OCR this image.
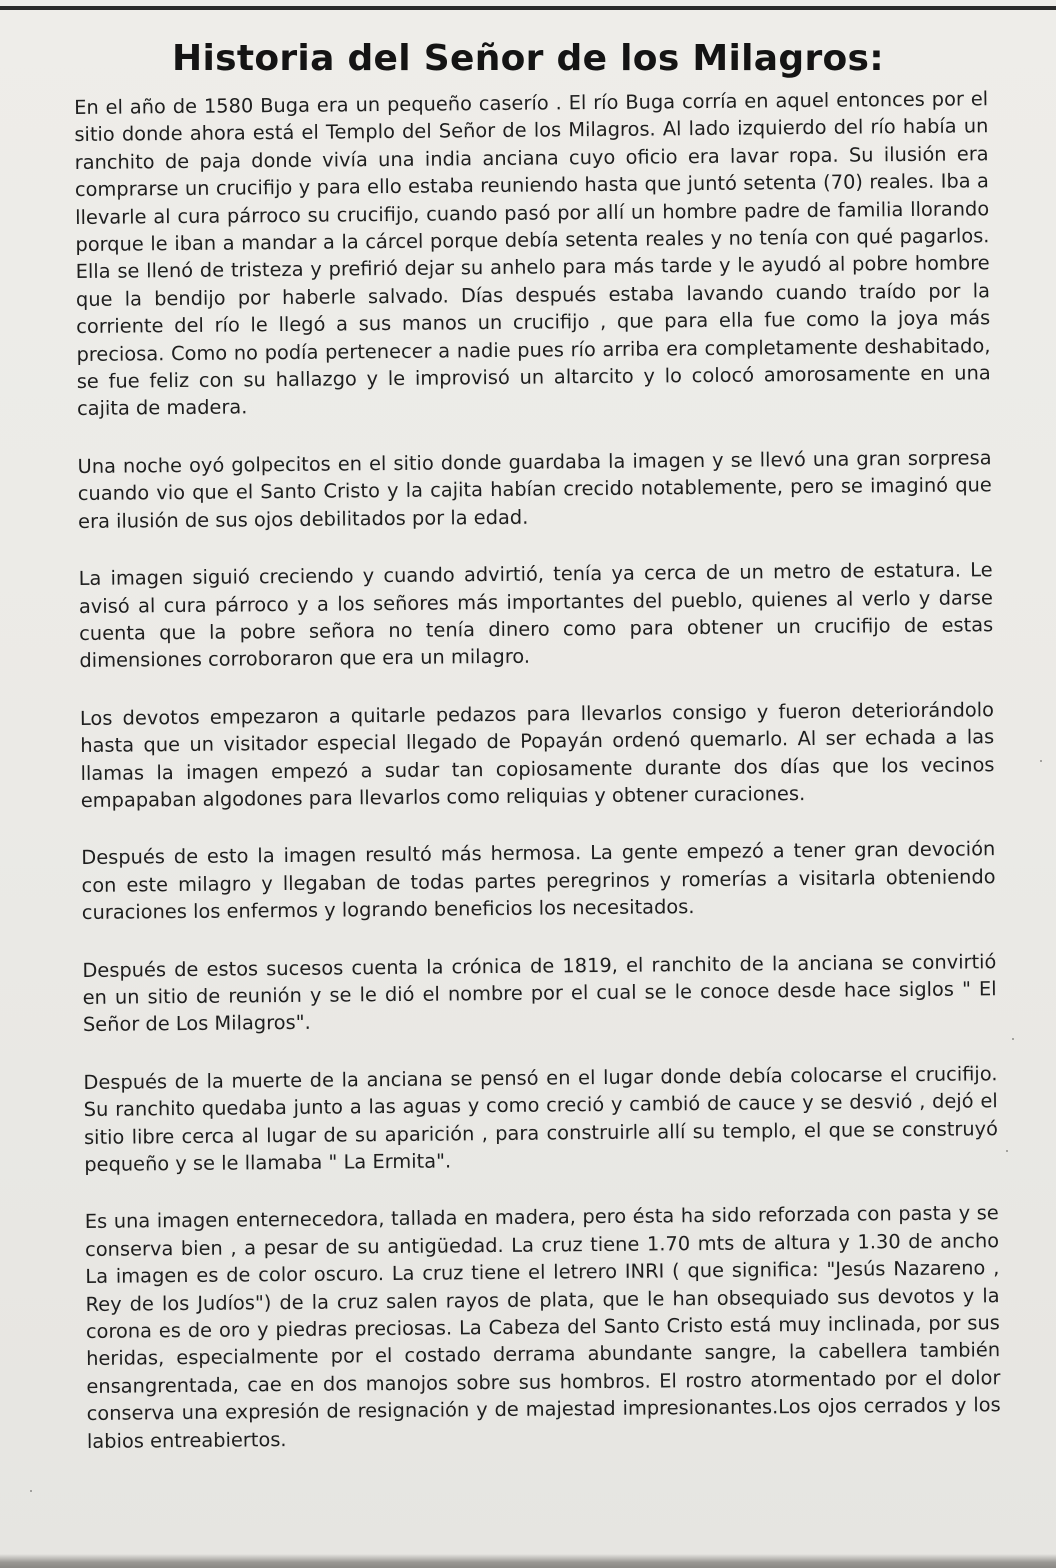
Historia del Señor de los Milagros:

En el año de 1580 Buga era un pequeño caserío . El río Buga corría en aquel entonces por el sitio donde ahora está el Templo del Señor de los Milagros. Al lado izquierdo del río había un ranchito de paja donde vivía una india anciana cuyo oficio era lavar ropa. Su ilusión era comprarse un crucifijo y para ello estaba reuniendo hasta que juntó setenta (70) reales. Iba a llevarle al cura párroco su crucifijo, cuando pasó por allí un hombre padre de familia llorando porque le iban a mandar a la cárcel porque debía setenta reales y no tenía con qué pagarlos. Ella se llenó de tristeza y prefirió dejar su anhelo para más tarde y le ayudó al pobre hombre que la bendijo por haberle salvado. Días después estaba lavando cuando traído por la corriente del río le llegó a sus manos un crucifijo , que para ella fue como la joya más preciosa. Como no podía pertenecer a nadie pues río arriba era completamente deshabitado, se fue feliz con su hallazgo y le improvisó un altarcito y lo colocó amorosamente en una cajita de madera.

Una noche oyó golpecitos en el sitio donde guardaba la imagen y se llevó una gran sorpresa cuando vio que el Santo Cristo y la cajita habían crecido notablemente, pero se imaginó que era ilusión de sus ojos debilitados por la edad.

La imagen siguió creciendo y cuando advirtió, tenía ya cerca de un metro de estatura. Le avisó al cura párroco y a los señores más importantes del pueblo, quienes al verlo y darse cuenta que la pobre señora no tenía dinero como para obtener un crucifijo de estas dimensiones corroboraron que era un milagro.

Los devotos empezaron a quitarle pedazos para llevarlos consigo y fueron deteriorándolo hasta que un visitador especial llegado de Popayán ordenó quemarlo. Al ser echada a las llamas la imagen empezó a sudar tan copiosamente durante dos días que los vecinos empapaban algodones para llevarlos como reliquias y obtener curaciones.

Después de esto la imagen resultó más hermosa. La gente empezó a tener gran devoción con este milagro y llegaban de todas partes peregrinos y romerías a visitarla obteniendo curaciones los enfermos y logrando beneficios los necesitados.

Después de estos sucesos cuenta la crónica de 1819, el ranchito de la anciana se convirtió en un sitio de reunión y se le dió el nombre por el cual se le conoce desde hace siglos " El Señor de Los Milagros".

Después de la muerte de la anciana se pensó en el lugar donde debía colocarse el crucifijo. Su ranchito quedaba junto a las aguas y como creció y cambió de cauce y se desvió , dejó el sitio libre cerca al lugar de su aparición , para construirle allí su templo, el que se construyó pequeño y se le llamaba " La Ermita".

Es una imagen enternecedora, tallada en madera, pero ésta ha sido reforzada con pasta y se conserva bien , a pesar de su antigüedad. La cruz tiene 1.70 mts de altura y 1.30 de ancho La imagen es de color oscuro. La cruz tiene el letrero INRI ( que significa: "Jesús Nazareno , Rey de los Judíos") de la cruz salen rayos de plata, que le han obsequiado sus devotos y la corona es de oro y piedras preciosas. La Cabeza del Santo Cristo está muy inclinada, por sus heridas, especialmente por el costado derrama abundante sangre, la cabellera también ensangrentada, cae en dos manojos sobre sus hombros. El rostro atormentado por el dolor conserva una expresión de resignación y de majestad impresionantes.Los ojos cerrados y los labios entreabiertos.
